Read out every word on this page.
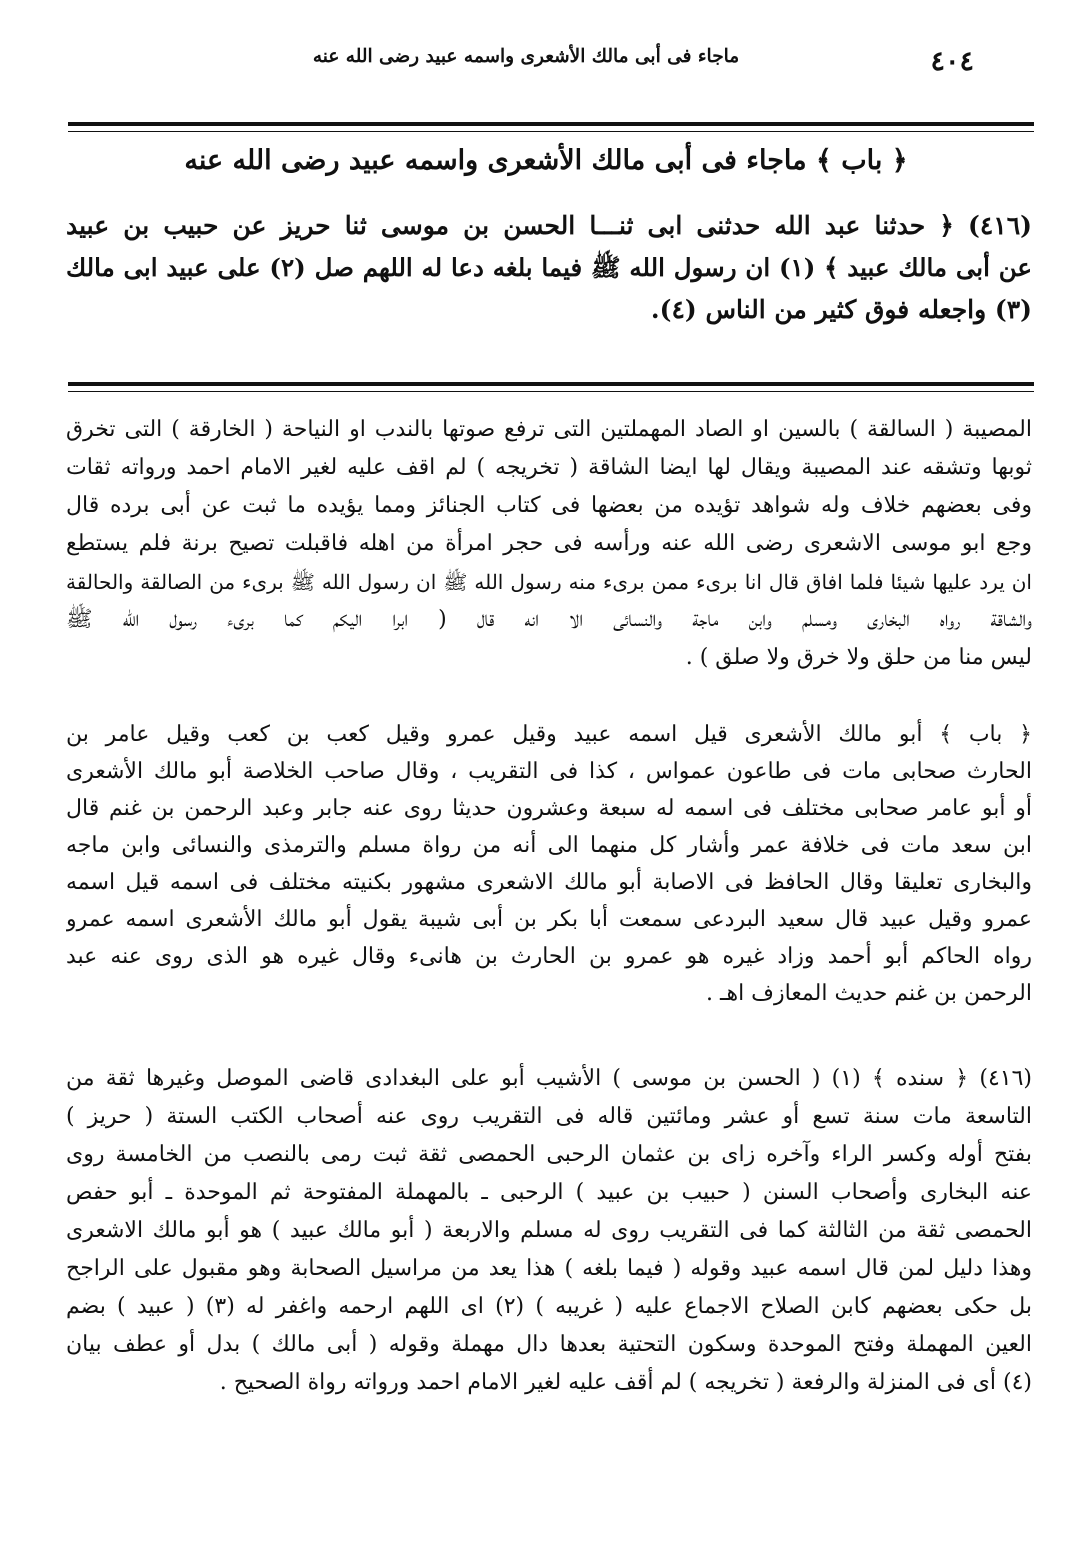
ماجاء فى أبى مالك الأشعرى واسمه عبيد رضى الله عنه	٤٠٤
﴿ باب ﴾ ماجاء فى أبى مالك الأشعرى واسمه عبيد رضى الله عنه
(٤١٦) ﴿ حدثنا عبد الله حدثنى ابى ثنـــا الحسن بن موسى ثنا حريز عن حبيب بن عبيد
عن أبى مالك عبيد ﴾ (١) ان رسول الله ﷺ فيما بلغه دعا له اللهم صل (٢) على عبيد ابى مالك
(٣) واجعله فوق كثير من الناس (٤).
المصيبة ( السالقة ) بالسين او الصاد المهملتين التى ترفع صوتها بالندب او النياحة ( الخارقة ) التى تخرق
ثوبها وتشقه عند المصيبة ويقال لها ايضا الشاقة ( تخريجه ) لم اقف عليه لغير الامام احمد ورواته ثقات
وفى بعضهم خلاف وله شواهد تؤيده من بعضها فى كتاب الجنائز ومما يؤيده ما ثبت عن أبى برده قال
وجع ابو موسى الاشعرى رضى الله عنه ورأسه فى حجر امرأة من اهله فاقبلت تصيح برنة فلم يستطع
ان يرد عليها شيئا فلما افاق قال انا برىء ممن برىء منه رسول الله ﷺ ان رسول الله ﷺ برىء من الصالقة والحالقة
والشاقة رواه البخارى ومسلم وابن ماجة والنسائى الا انه قال ( ابرا اليكم كما برىء رسول الله ﷺ
ليس منا من حلق ولا خرق ولا صلق ) .
﴿ باب ﴾ أبو مالك الأشعرى قيل اسمه عبيد وقيل عمرو وقيل كعب بن كعب وقيل عامر بن
الحارث صحابى مات فى طاعون عمواس ، كذا فى التقريب ، وقال صاحب الخلاصة أبو مالك الأشعرى
أو أبو عامر صحابى مختلف فى اسمه له سبعة وعشرون حديثا روى عنه جابر وعبد الرحمن بن غنم قال
ابن سعد مات فى خلافة عمر وأشار كل منهما الى أنه من رواة مسلم والترمذى والنسائى وابن ماجه
والبخارى تعليقا وقال الحافظ فى الاصابة أبو مالك الاشعرى مشهور بكنيته مختلف فى اسمه قيل اسمه
عمرو وقيل عبيد قال سعيد البردعى سمعت أبا بكر بن أبى شيبة يقول أبو مالك الأشعرى اسمه عمرو
رواه الحاكم أبو أحمد وزاد غيره هو عمرو بن الحارث بن هانىء وقال غيره هو الذى روى عنه عبد
الرحمن بن غنم حديث المعازف اهـ .
(٤١٦) ﴿ سنده ﴾ (١) ( الحسن بن موسى ) الأشيب أبو على البغدادى قاضى الموصل وغيرها ثقة من
التاسعة مات سنة تسع أو عشر ومائتين قاله فى التقريب روى عنه أصحاب الكتب الستة ( حريز )
بفتح أوله وكسر الراء وآخره زاى بن عثمان الرحبى الحمصى ثقة ثبت رمى بالنصب من الخامسة روى
عنه البخارى وأصحاب السنن ( حبيب بن عبيد ) الرحبى ـ بالمهملة المفتوحة ثم الموحدة ـ أبو حفص
الحمصى ثقة من الثالثة كما فى التقريب روى له مسلم والاربعة ( أبو مالك عبيد ) هو أبو مالك الاشعرى
وهذا دليل لمن قال اسمه عبيد وقوله ( فيما بلغه ) هذا يعد من مراسيل الصحابة وهو مقبول على الراجح
بل حكى بعضهم كابن الصلاح الاجماع عليه ( غريبه ) (٢) اى اللهم ارحمه واغفر له (٣) ( عبيد ) بضم
العين المهملة وفتح الموحدة وسكون التحتية بعدها دال مهملة وقوله ( أبى مالك ) بدل أو عطف بيان
(٤) أى فى المنزلة والرفعة ( تخريجه ) لم أقف عليه لغير الامام احمد ورواته رواة الصحيح .
